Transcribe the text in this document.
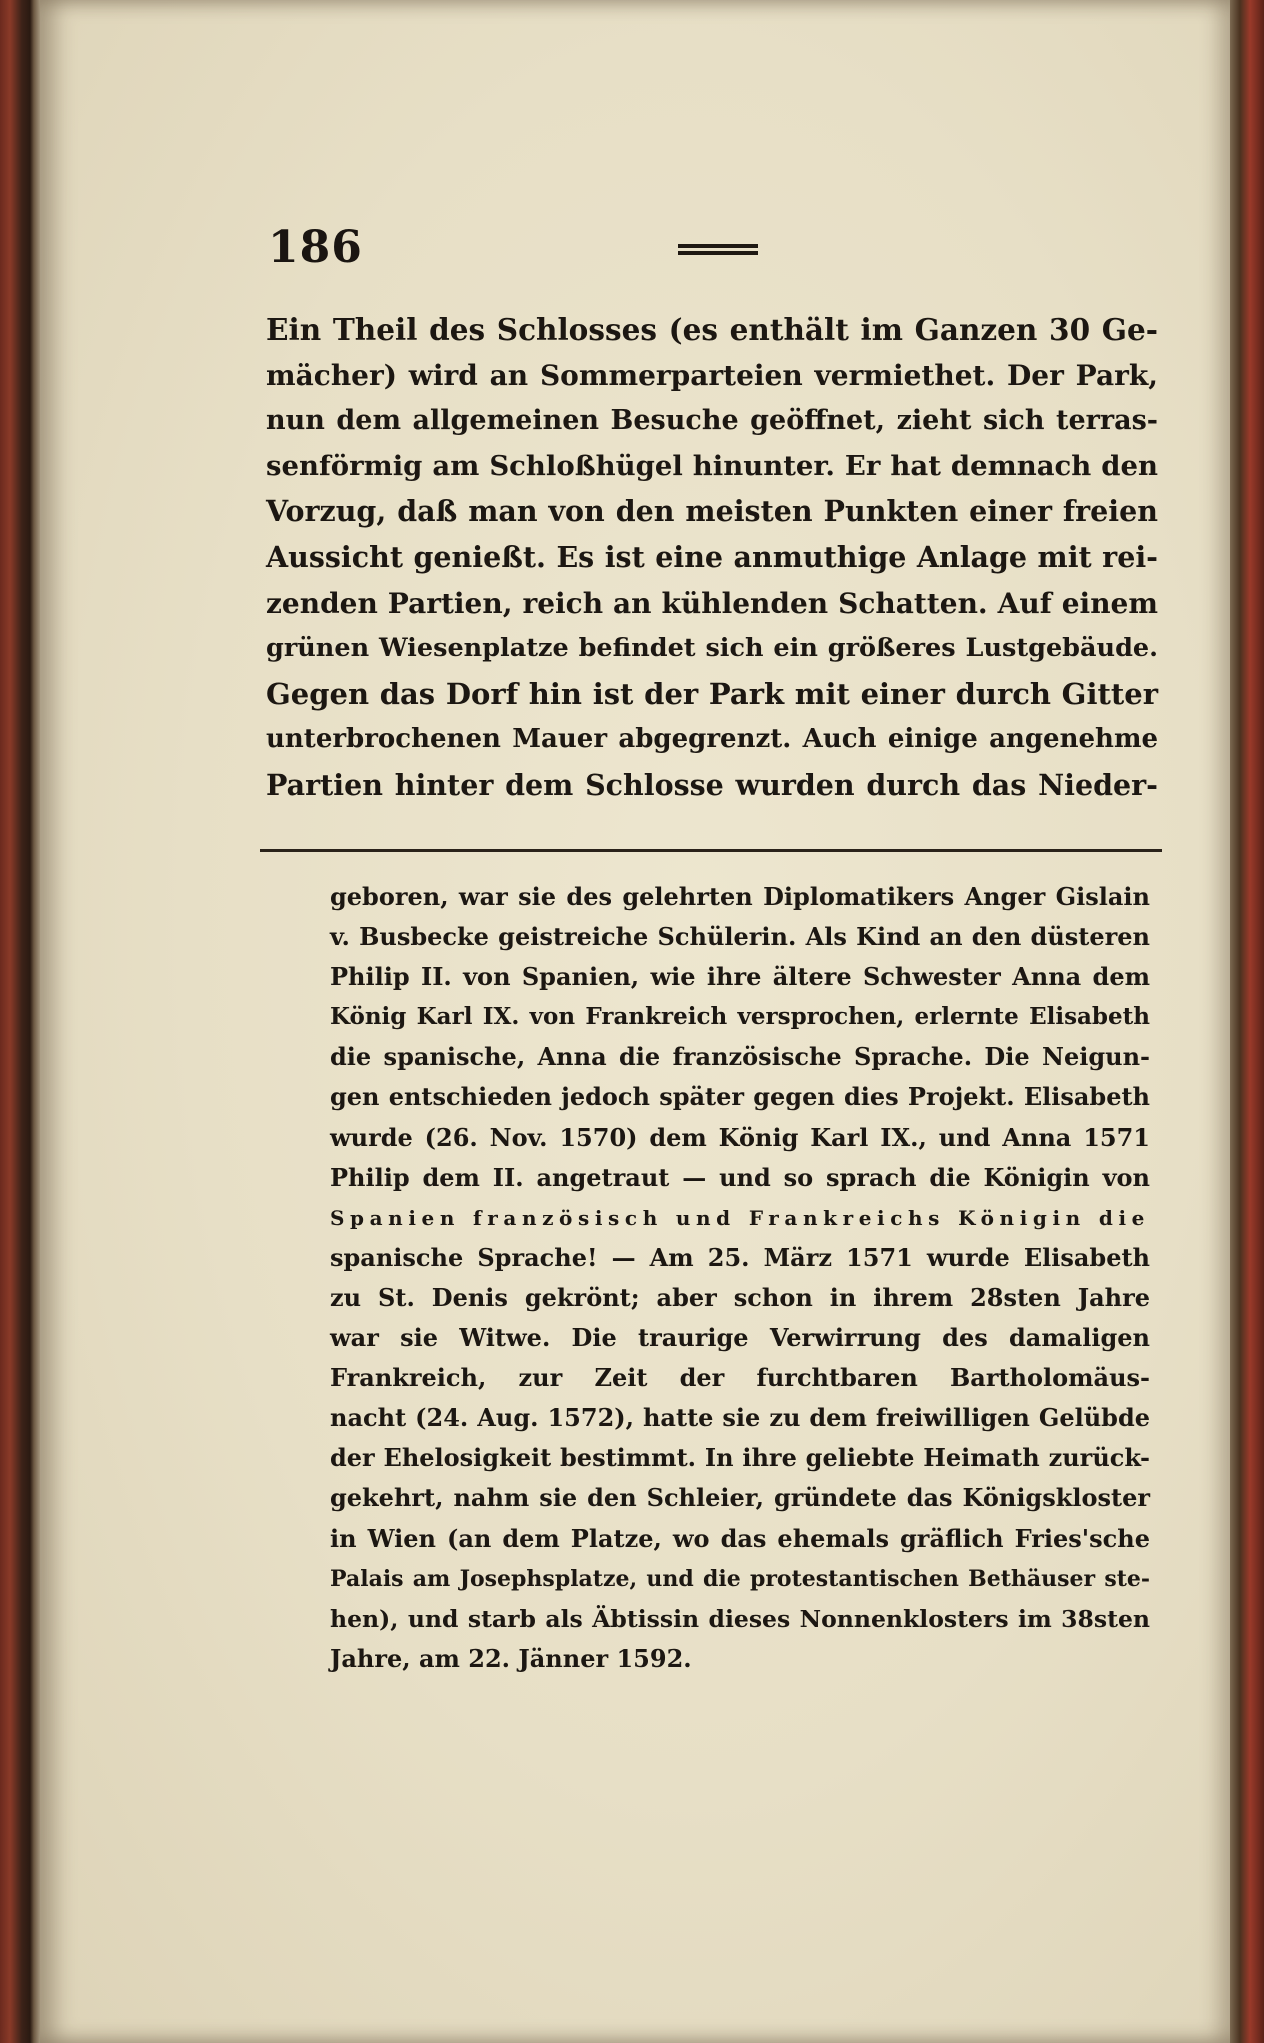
186
Ein Theil des Schlosses (es enthält im Ganzen 30 Ge-
mächer) wird an Sommerparteien vermiethet. Der Park,
nun dem allgemeinen Besuche geöffnet, zieht sich terras-
senförmig am Schloßhügel hinunter. Er hat demnach den
Vorzug, daß man von den meisten Punkten einer freien
Aussicht genießt. Es ist eine anmuthige Anlage mit rei-
zenden Partien, reich an kühlenden Schatten. Auf einem
grünen Wiesenplatze befindet sich ein größeres Lustgebäude.
Gegen das Dorf hin ist der Park mit einer durch Gitter
unterbrochenen Mauer abgegrenzt. Auch einige angenehme
Partien hinter dem Schlosse wurden durch das Nieder-
geboren, war sie des gelehrten Diplomatikers Anger Gislain
v. Busbecke geistreiche Schülerin. Als Kind an den düsteren
Philip II. von Spanien, wie ihre ältere Schwester Anna dem
König Karl IX. von Frankreich versprochen, erlernte Elisabeth
die spanische, Anna die französische Sprache. Die Neigun-
gen entschieden jedoch später gegen dies Projekt. Elisabeth
wurde (26. Nov. 1570) dem König Karl IX., und Anna 1571
Philip dem II. angetraut — und so sprach die Königin von
Spanien französisch und Frankreichs Königin die
spanische Sprache! — Am 25. März 1571 wurde Elisabeth
zu St. Denis gekrönt; aber schon in ihrem 28sten Jahre
war sie Witwe. Die traurige Verwirrung des damaligen
Frankreich, zur Zeit der furchtbaren Bartholomäus-
nacht (24. Aug. 1572), hatte sie zu dem freiwilligen Gelübde
der Ehelosigkeit bestimmt. In ihre geliebte Heimath zurück-
gekehrt, nahm sie den Schleier, gründete das Königskloster
in Wien (an dem Platze, wo das ehemals gräflich Fries'sche
Palais am Josephsplatze, und die protestantischen Bethäuser ste-
hen), und starb als Äbtissin dieses Nonnenklosters im 38sten
Jahre, am 22. Jänner 1592.
